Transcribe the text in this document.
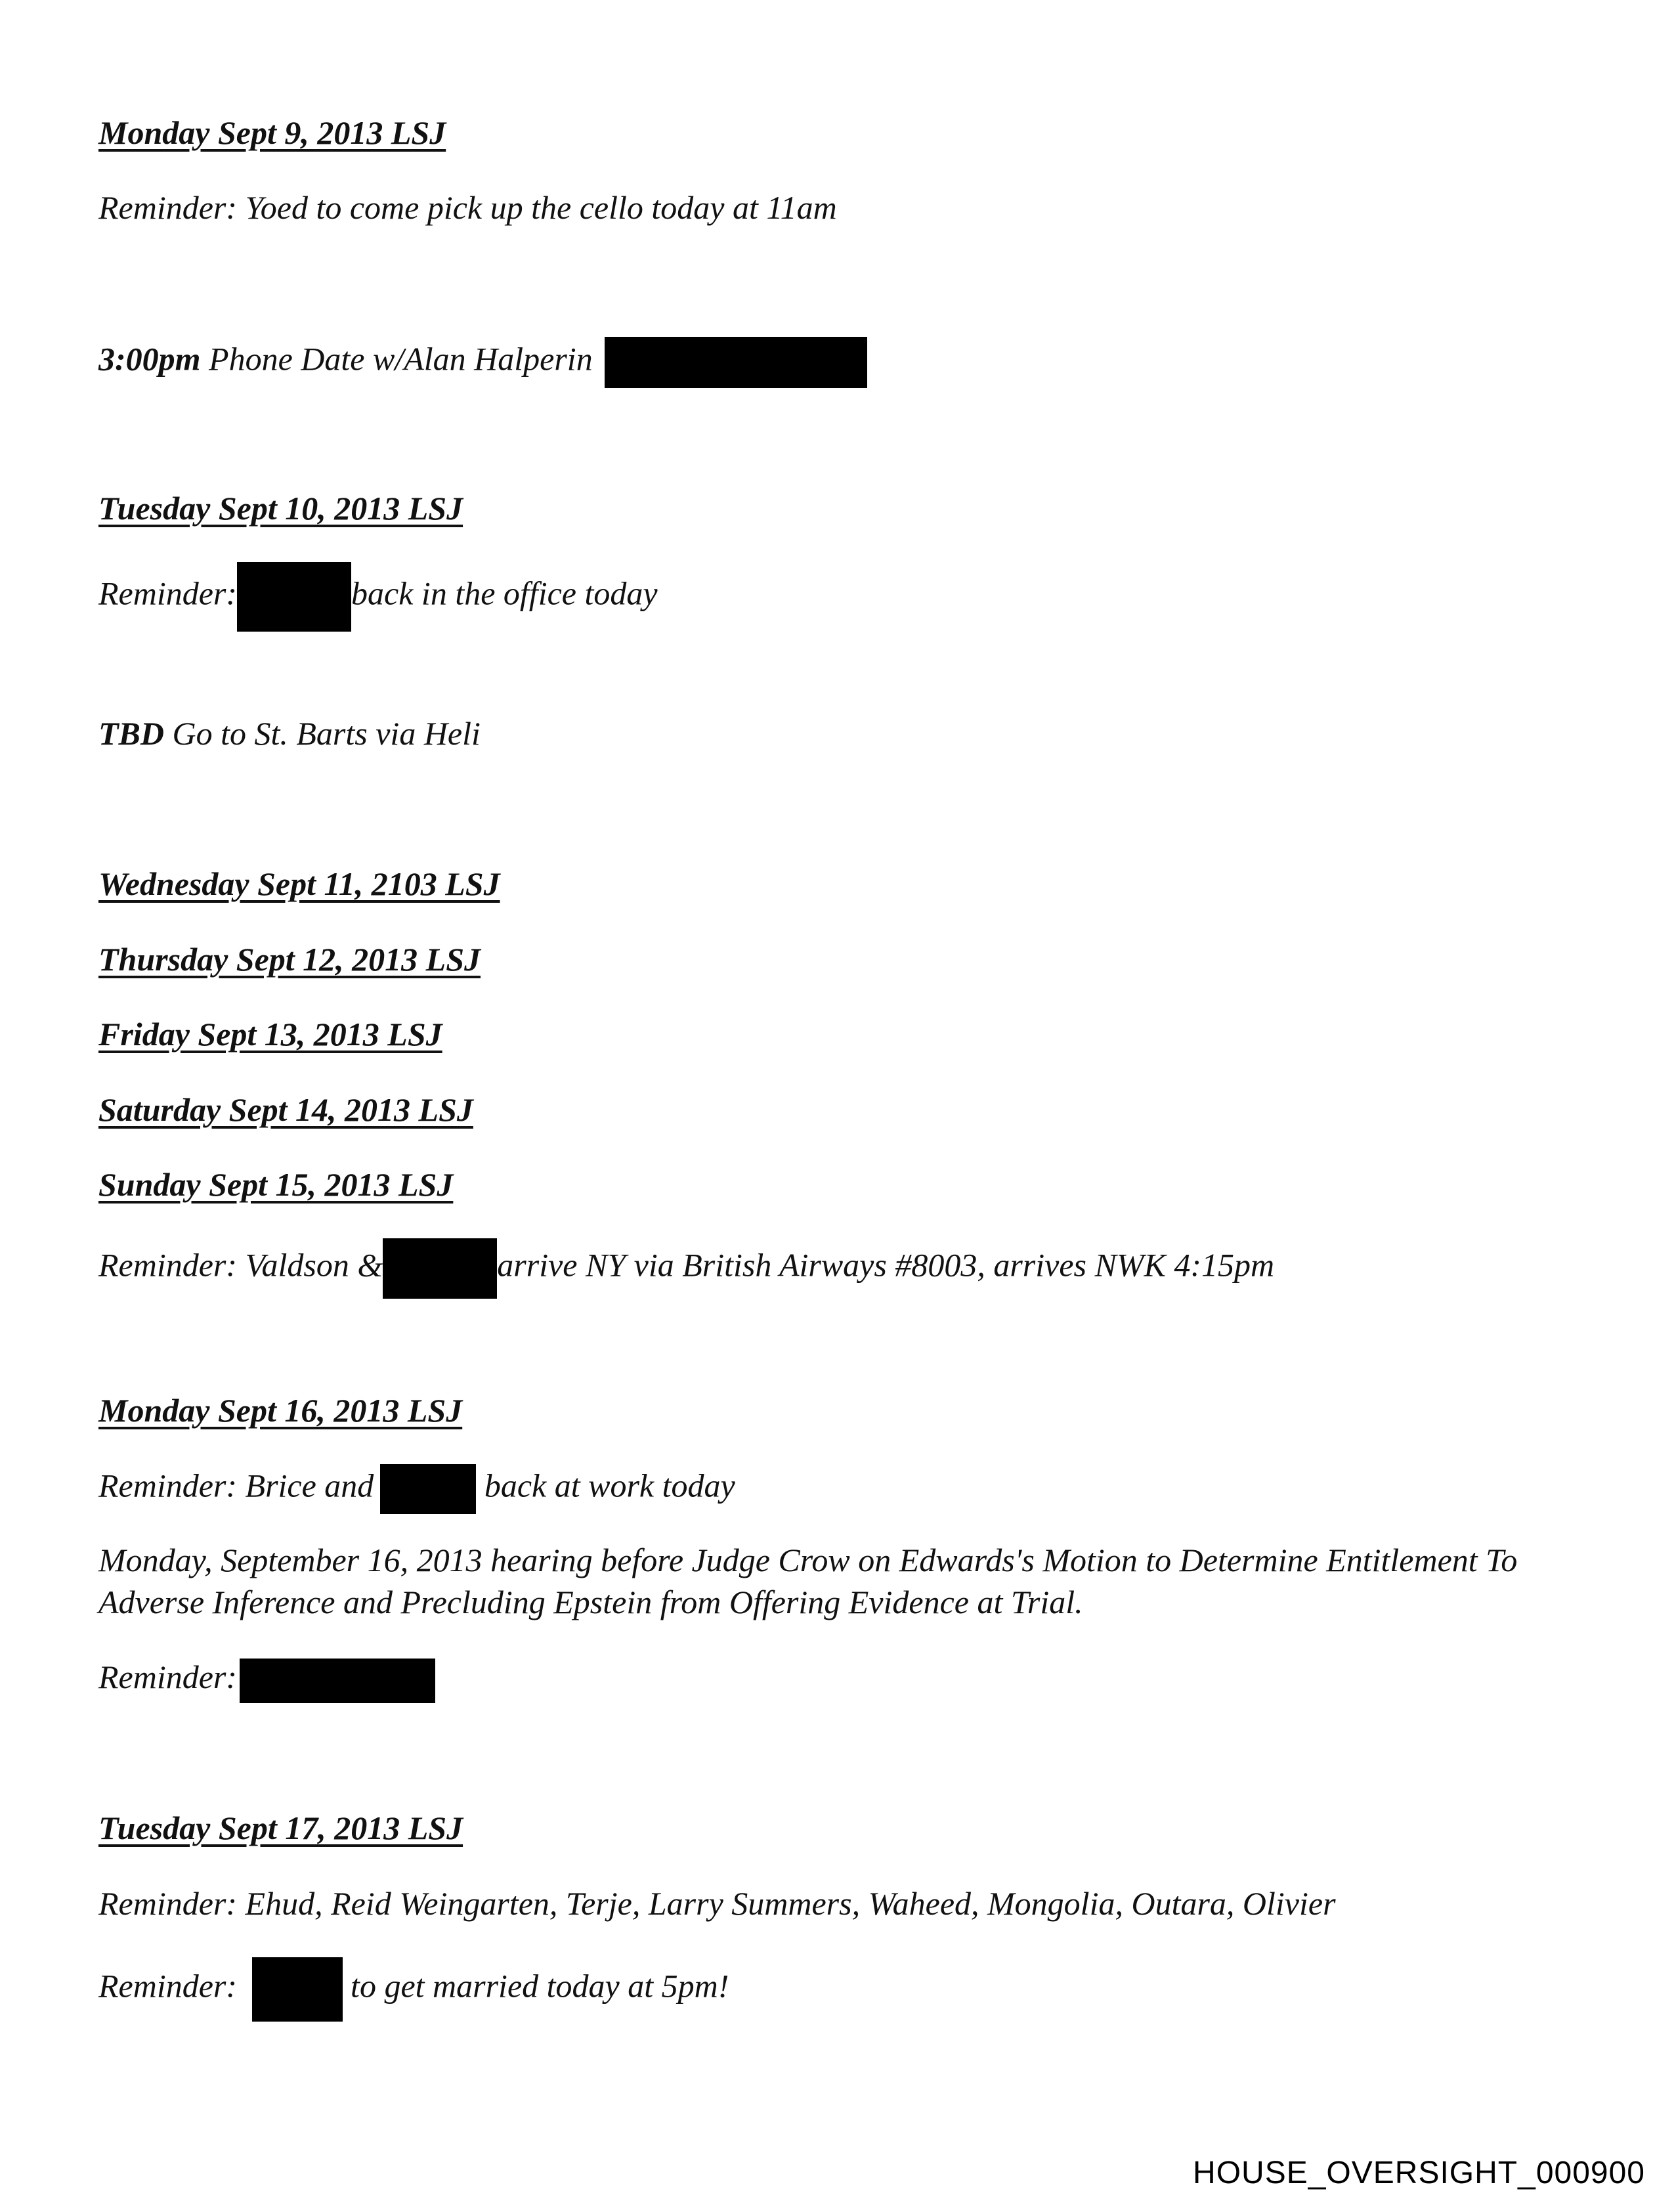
Monday Sept 9, 2013 LSJ
Reminder: Yoed to come pick up the cello today at 11am
3:00pm Phone Date w/Alan Halperin
Tuesday Sept 10, 2013 LSJ
Reminder:	back in the office today
TBD Go to St. Barts via Heli
Wednesday Sept 11, 2103 LSJ
Thursday Sept 12, 2013 LSJ
Friday Sept 13, 2013 LSJ
Saturday Sept 14, 2013 LSJ
Sunday Sept 15, 2013 LSJ
Reminder: Valdson &	arrive NY via British Airways #8003, arrives NWK 4:15pm
Monday Sept 16, 2013 LSJ
Reminder: Brice and	back at work today
Monday, September 16, 2013 hearing before Judge Crow on Edwards's Motion to Determine Entitlement To Adverse Inference and Precluding Epstein from Offering Evidence at Trial.
Reminder:
Tuesday Sept 17, 2013 LSJ
Reminder: Ehud, Reid Weingarten, Terje, Larry Summers, Waheed, Mongolia, Outara, Olivier
Reminder:	to get married today at 5pm!
HOUSE_OVERSIGHT_000900
